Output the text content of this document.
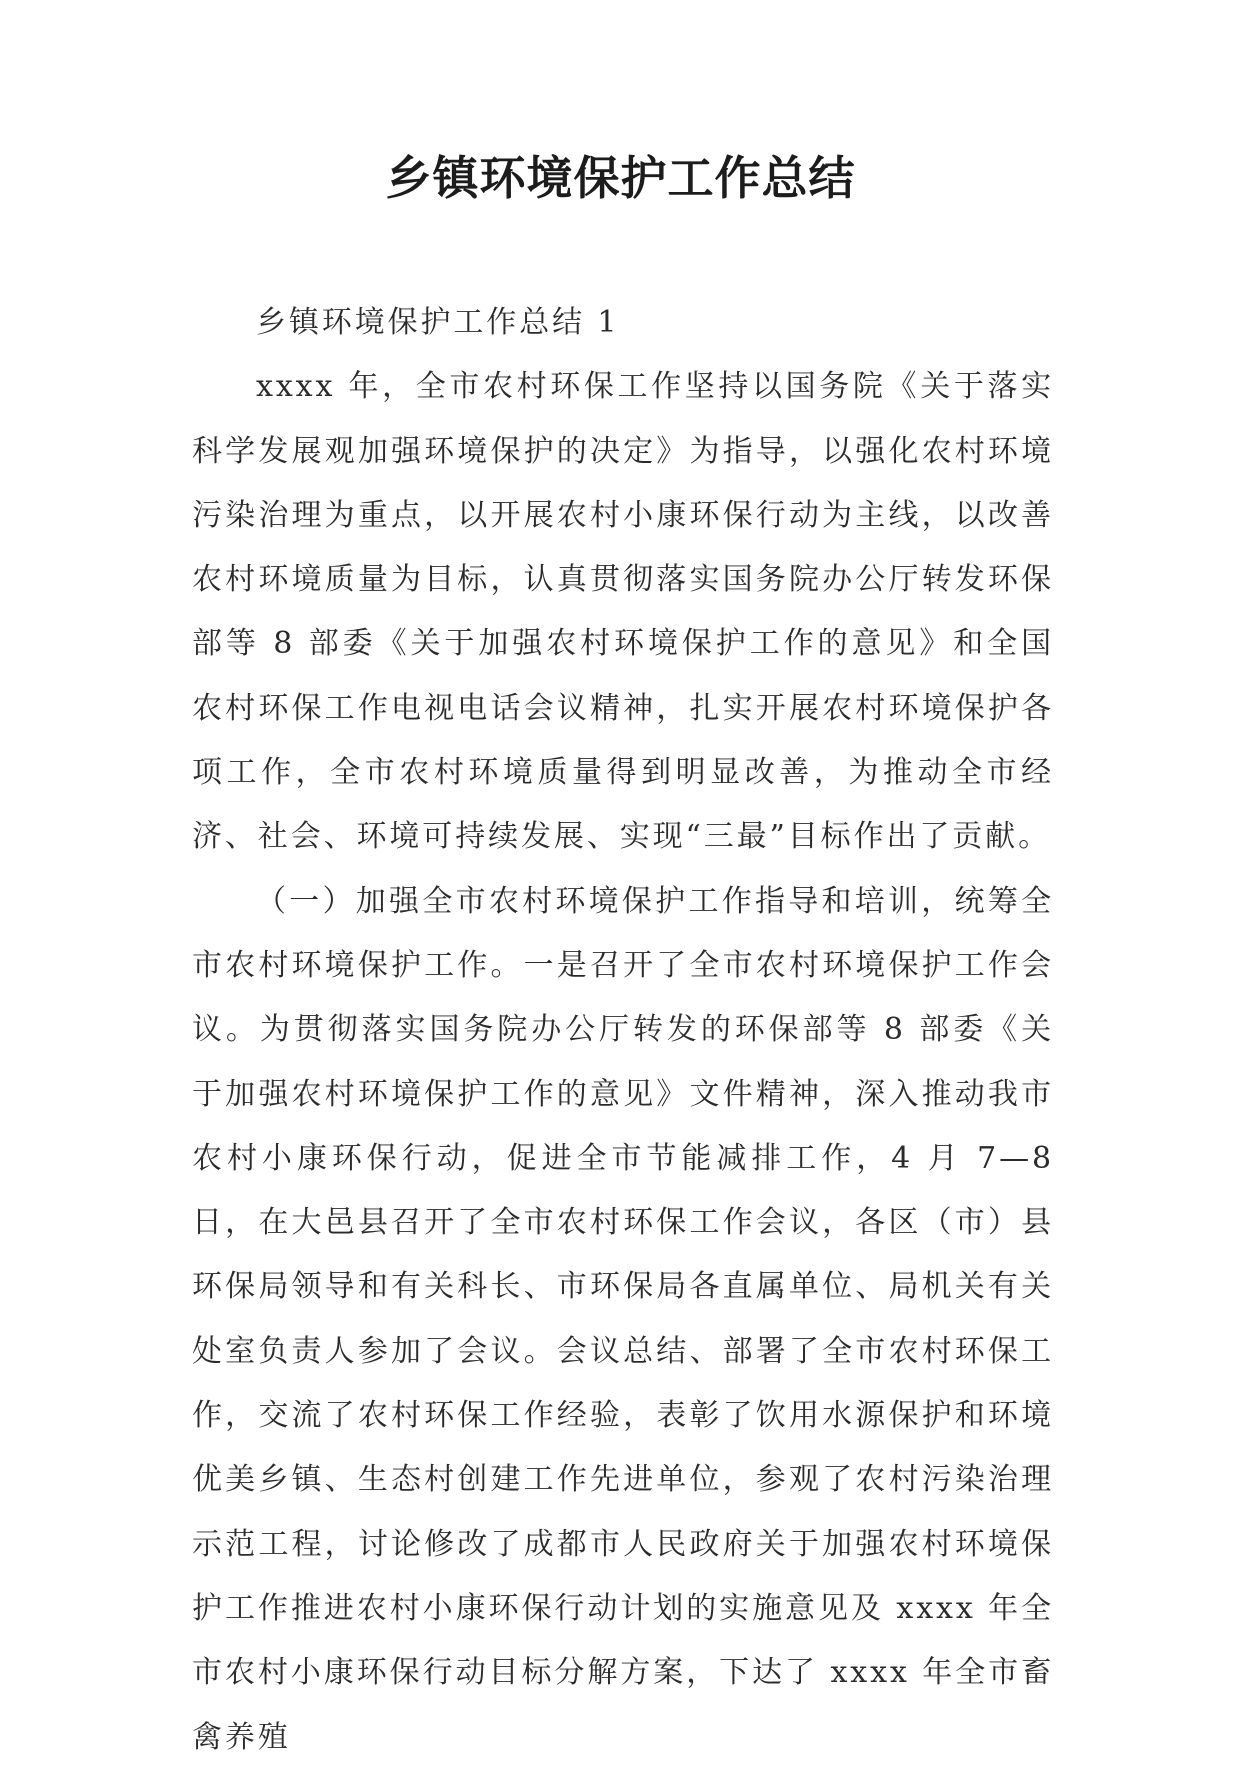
乡镇环境保护工作总结

乡镇环境保护工作总结 1

xxxx 年，全市农村环保工作坚持以国务院《关于落实科学发展观加强环境保护的决定》为指导，以强化农村环境污染治理为重点，以开展农村小康环保行动为主线，以改善农村环境质量为目标，认真贯彻落实国务院办公厅转发环保部等 8 部委《关于加强农村环境保护工作的意见》和全国农村环保工作电视电话会议精神，扎实开展农村环境保护各项工作，全市农村环境质量得到明显改善，为推动全市经济、社会、环境可持续发展、实现“三最”目标作出了贡献。

（一）加强全市农村环境保护工作指导和培训，统筹全市农村环境保护工作。一是召开了全市农村环境保护工作会议。为贯彻落实国务院办公厅转发的环保部等 8 部委《关于加强农村环境保护工作的意见》文件精神，深入推动我市农村小康环保行动，促进全市节能减排工作，4 月 7—8 日，在大邑县召开了全市农村环保工作会议，各区（市）县环保局领导和有关科长、市环保局各直属单位、局机关有关处室负责人参加了会议。会议总结、部署了全市农村环保工作，交流了农村环保工作经验，表彰了饮用水源保护和环境优美乡镇、生态村创建工作先进单位，参观了农村污染治理示范工程，讨论修改了成都市人民政府关于加强农村环境保护工作推进农村小康环保行动计划的实施意见及 xxxx 年全市农村小康环保行动目标分解方案，下达了 xxxx 年全市畜禽养殖
